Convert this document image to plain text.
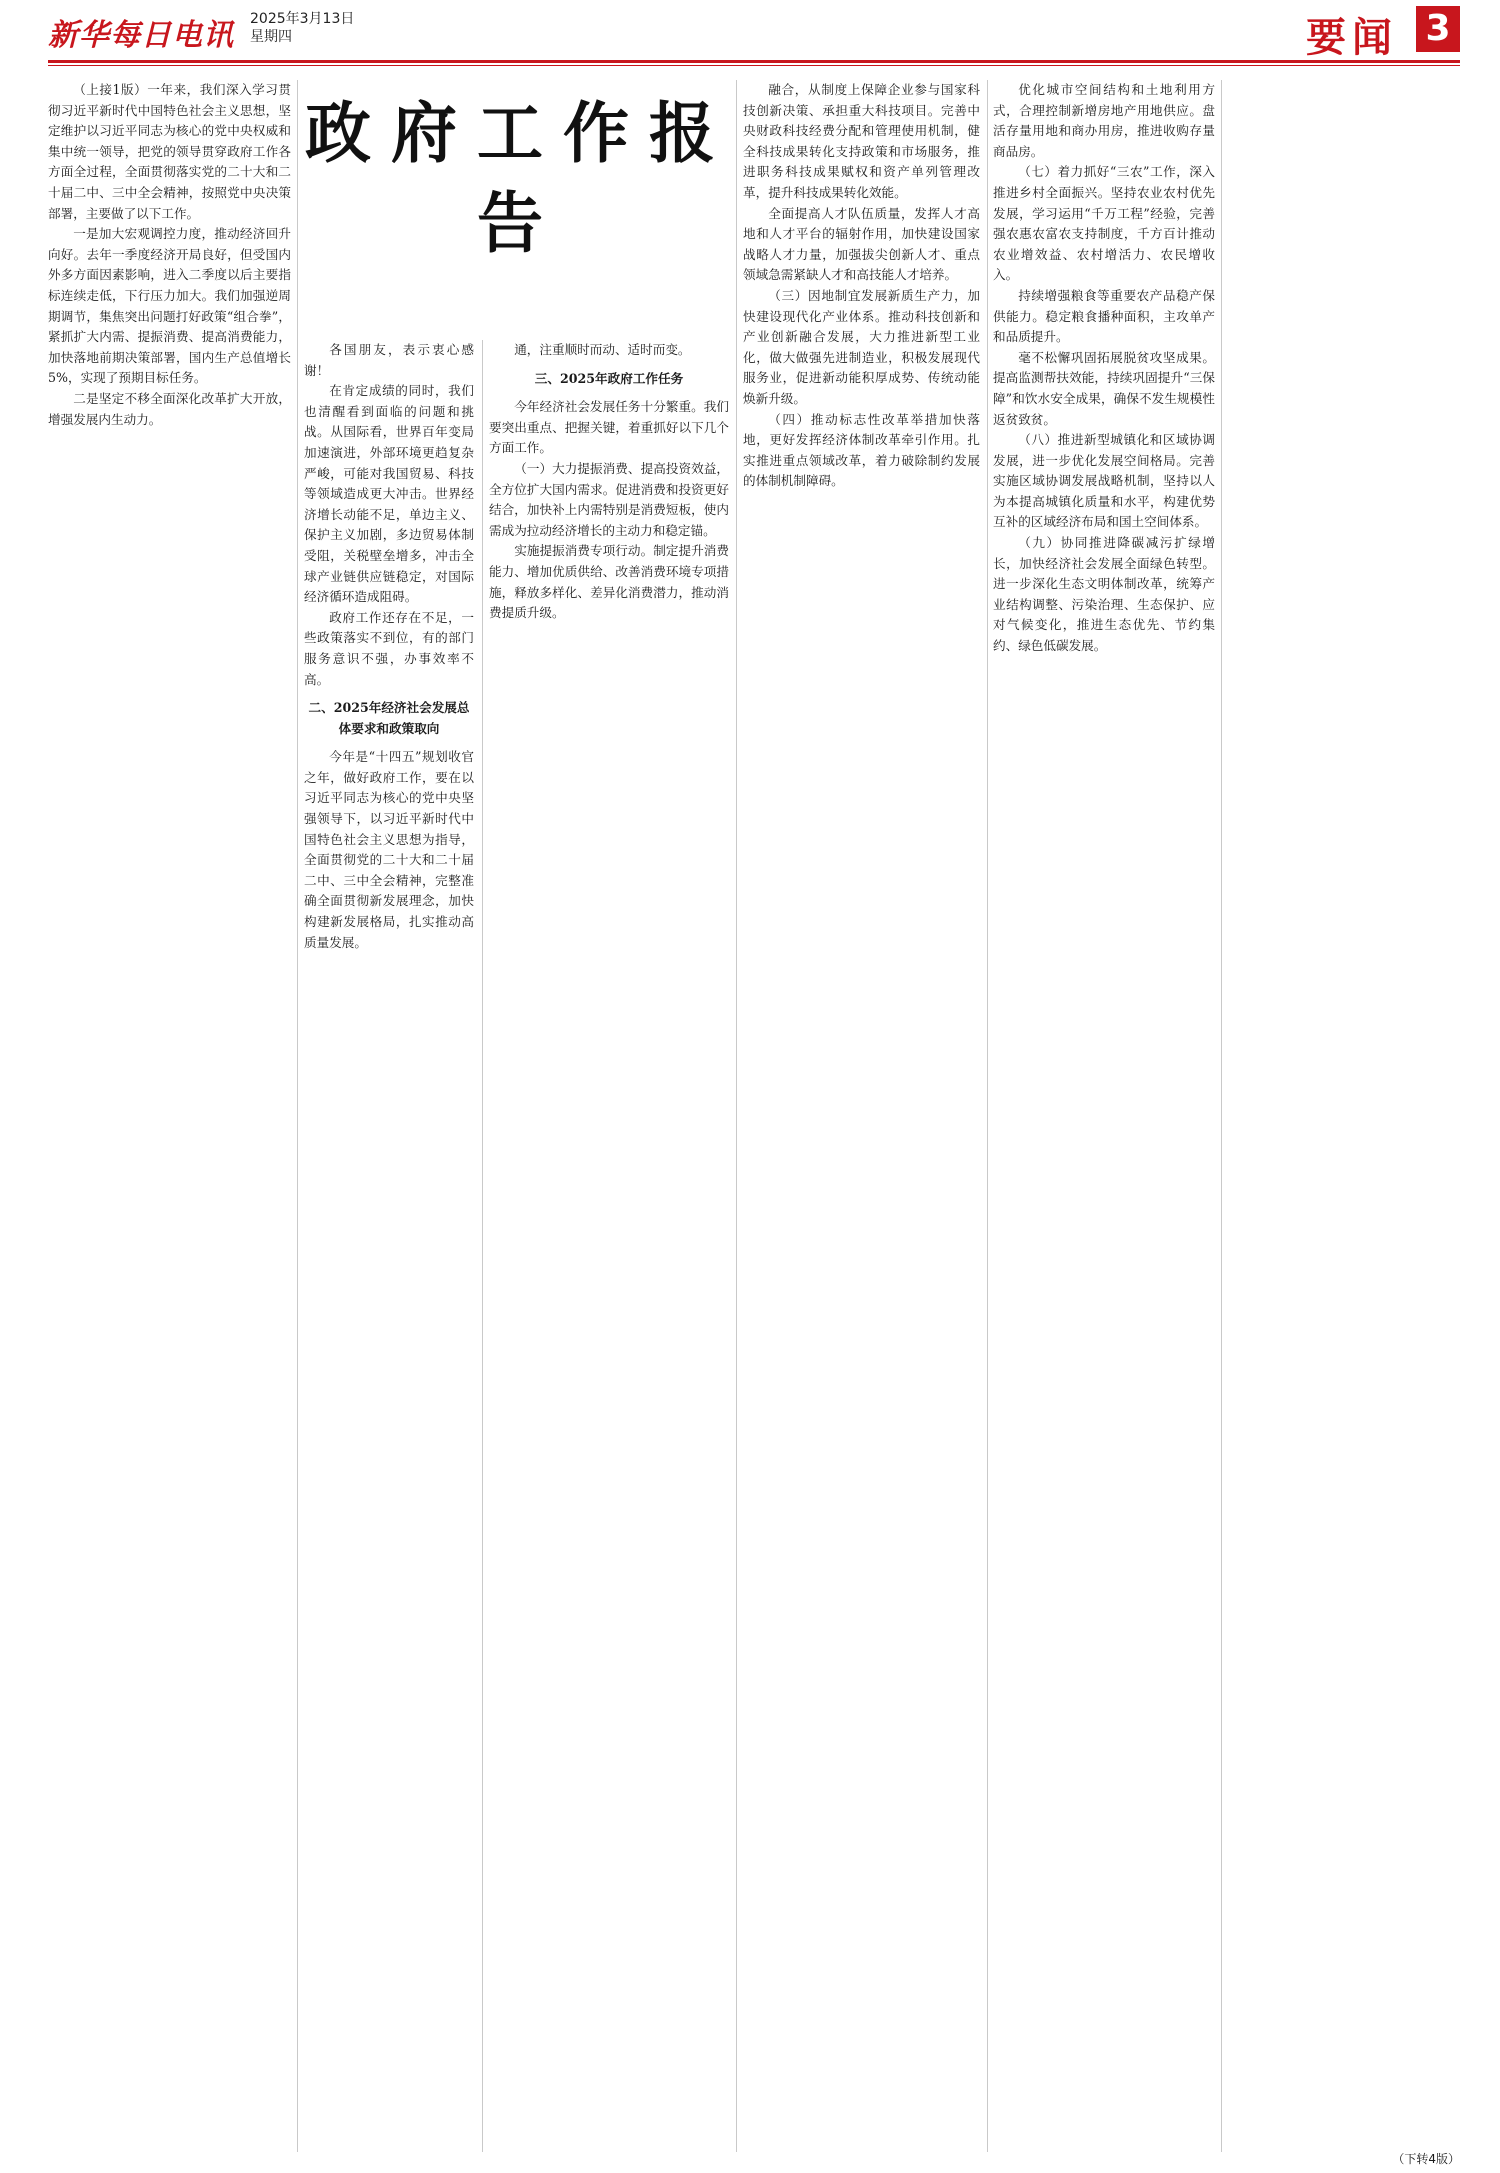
新华每日电讯 2025年3月13日
星期四	要闻 3
政府工作报告

（上接1版）一年来，我们深入学习贯彻习近平新时代中国特色社会主义思想，坚定维护以习近平同志为核心的党中央权威和集中统一领导，把党的领导贯穿政府工作各方面全过程，全面贯彻落实党的二十大和二十届二中、三中全会精神，按照党中央决策部署，主要做了以下工作。

一是加大宏观调控力度，推动经济回升向好。去年一季度经济开局良好，但受国内外多方面因素影响，进入二季度以后主要指标连续走低，下行压力加大。我们加强逆周期调节，集焦突出问题打好政策“组合拳”，紧抓扩大内需、提振消费、提高消费能力，加快落地前期决策部署，国内生产总值增长5%，实现了预期目标任务。

二是坚定不移全面深化改革扩大开放，增强发展内生动力。

各国朋友，表示衷心感谢！

在肯定成绩的同时，我们也清醒看到面临的问题和挑战。从国际看，世界百年变局加速演进，外部环境更趋复杂严峻，可能对我国贸易、科技等领域造成更大冲击。世界经济增长动能不足，单边主义、保护主义加剧，多边贸易体制受阻，关税壁垒增多，冲击全球产业链供应链稳定，对国际经济循环造成阻碍。

政府工作还存在不足，一些政策落实不到位，有的部门服务意识不强，办事效率不高。

二、2025年经济社会发展总体要求和政策取向

今年是“十四五”规划收官之年，做好政府工作，要在以习近平同志为核心的党中央坚强领导下，以习近平新时代中国特色社会主义思想为指导，全面贯彻党的二十大和二十届二中、三中全会精神，完整准确全面贯彻新发展理念，加快构建新发展格局，扎实推动高质量发展。

通，注重顺时而动、适时而变。

三、2025年政府工作任务

今年经济社会发展任务十分繁重。我们要突出重点、把握关键，着重抓好以下几个方面工作。

（一）大力提振消费、提高投资效益，全方位扩大国内需求。促进消费和投资更好结合，加快补上内需特别是消费短板，使内需成为拉动经济增长的主动力和稳定锚。

实施提振消费专项行动。制定提升消费能力、增加优质供给、改善消费环境专项措施，释放多样化、差异化消费潜力，推动消费提质升级。

融合，从制度上保障企业参与国家科技创新决策、承担重大科技项目。完善中央财政科技经费分配和管理使用机制，健全科技成果转化支持政策和市场服务，推进职务科技成果赋权和资产单列管理改革，提升科技成果转化效能。

全面提高人才队伍质量，发挥人才高地和人才平台的辐射作用，加快建设国家战略人才力量，加强拔尖创新人才、重点领域急需紧缺人才和高技能人才培养。

（三）因地制宜发展新质生产力，加快建设现代化产业体系。推动科技创新和产业创新融合发展，大力推进新型工业化，做大做强先进制造业，积极发展现代服务业，促进新动能积厚成势、传统动能焕新升级。

（四）推动标志性改革举措加快落地，更好发挥经济体制改革牵引作用。扎实推进重点领域改革，着力破除制约发展的体制机制障碍。

优化城市空间结构和土地利用方式，合理控制新增房地产用地供应。盘活存量用地和商办用房，推进收购存量商品房。

（七）着力抓好“三农”工作，深入推进乡村全面振兴。坚持农业农村优先发展，学习运用“千万工程”经验，完善强农惠农富农支持制度，千方百计推动农业增效益、农村增活力、农民增收入。

持续增强粮食等重要农产品稳产保供能力。稳定粮食播种面积，主攻单产和品质提升。

毫不松懈巩固拓展脱贫攻坚成果。提高监测帮扶效能，持续巩固提升“三保障”和饮水安全成果，确保不发生规模性返贫致贫。

（八）推进新型城镇化和区域协调发展，进一步优化发展空间格局。完善实施区域协调发展战略机制，坚持以人为本提高城镇化质量和水平，构建优势互补的区域经济布局和国土空间体系。

（九）协同推进降碳减污扩绿增长，加快经济社会发展全面绿色转型。进一步深化生态文明体制改革，统筹产业结构调整、污染治理、生态保护、应对气候变化，推进生态优先、节约集约、绿色低碳发展。

（下转4版）
